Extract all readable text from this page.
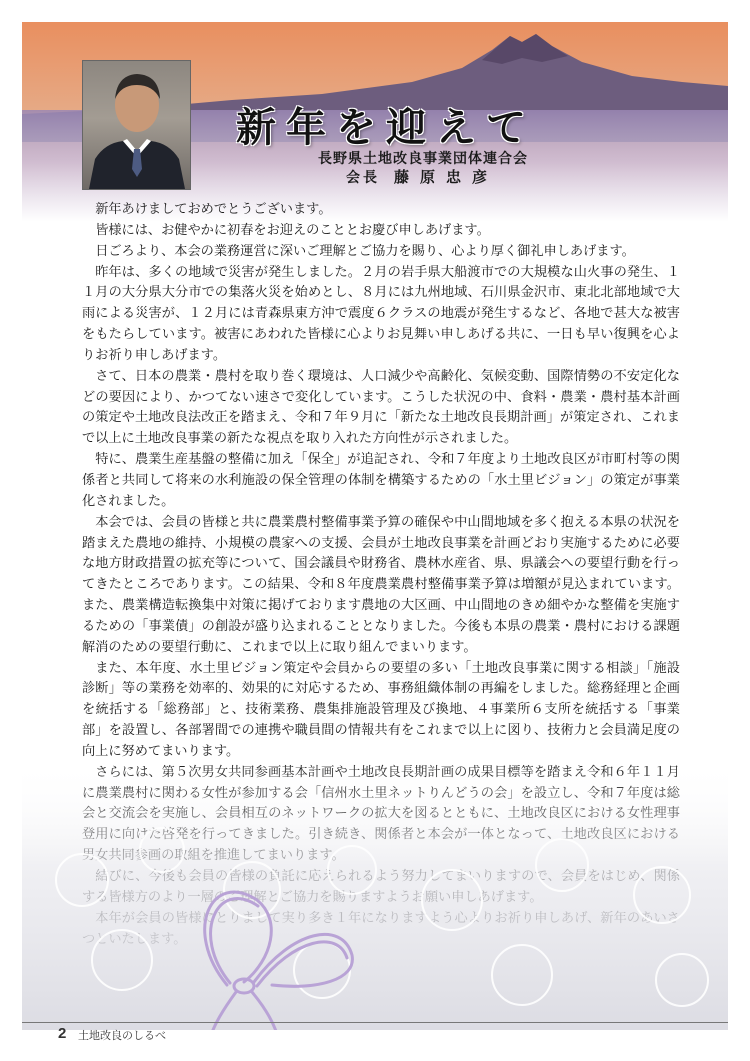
新年を迎えて
長野県土地改良事業団体連合会
会長 藤原忠彦

新年あけましておめでとうございます。

皆様には、お健やかに初春をお迎えのこととお慶び申しあげます。

日ごろより、本会の業務運営に深いご理解とご協力を賜り、心より厚く御礼申しあげます。

昨年は、多くの地域で災害が発生しました。２月の岩手県大船渡市での大規模な山火事の発生、１１月の大分県大分市での集落火災を始めとし、８月には九州地域、石川県金沢市、東北北部地域で大雨による災害が、１２月には青森県東方沖で震度６クラスの地震が発生するなど、各地で甚大な被害をもたらしています。被害にあわれた皆様に心よりお見舞い申しあげる共に、一日も早い復興を心よりお祈り申しあげます。

さて、日本の農業・農村を取り巻く環境は、人口減少や高齢化、気候変動、国際情勢の不安定化などの要因により、かつてない速さで変化しています。こうした状況の中、食料・農業・農村基本計画の策定や土地改良法改正を踏まえ、令和７年９月に「新たな土地改良長期計画」が策定され、これまで以上に土地改良事業の新たな視点を取り入れた方向性が示されました。

特に、農業生産基盤の整備に加え「保全」が追記され、令和７年度より土地改良区が市町村等の関係者と共同して将来の水利施設の保全管理の体制を構築するための「水土里ビジョン」の策定が事業化されました。

本会では、会員の皆様と共に農業農村整備事業予算の確保や中山間地域を多く抱える本県の状況を踏まえた農地の維持、小規模の農家への支援、会員が土地改良事業を計画どおり実施するために必要な地方財政措置の拡充等について、国会議員や財務省、農林水産省、県、県議会への要望行動を行ってきたところであります。この結果、令和８年度農業農村整備事業予算は増額が見込まれています。また、農業構造転換集中対策に掲げております農地の大区画、中山間地のきめ細やかな整備を実施するための「事業債」の創設が盛り込まれることとなりました。今後も本県の農業・農村における課題解消のための要望行動に、これまで以上に取り組んでまいります。

また、本年度、水土里ビジョン策定や会員からの要望の多い「土地改良事業に関する相談」「施設診断」等の業務を効率的、効果的に対応するため、事務組織体制の再編をしました。総務経理と企画を統括する「総務部」と、技術業務、農集排施設管理及び換地、４事業所６支所を統括する「事業部」を設置し、各部署間での連携や職員間の情報共有をこれまで以上に図り、技術力と会員満足度の向上に努めてまいります。

2 土地改良のしるべ
